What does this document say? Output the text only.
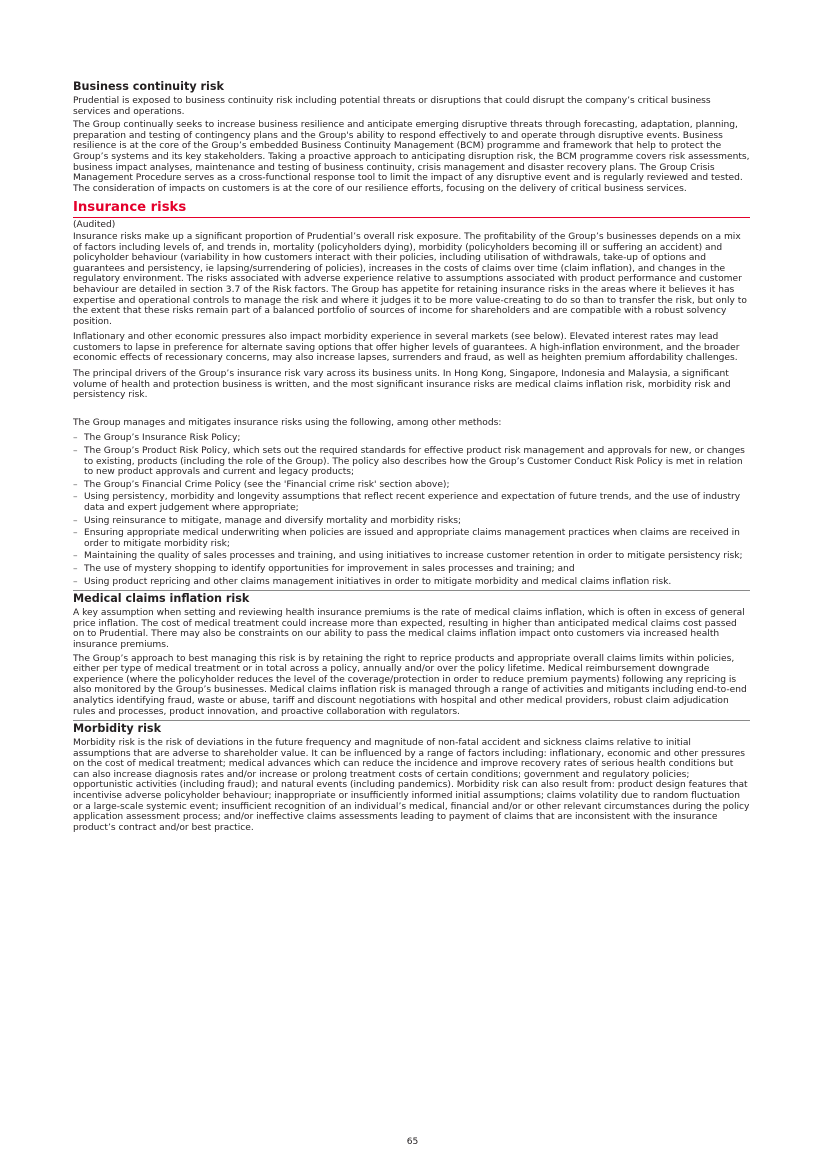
Business continuity risk

Prudential is exposed to business continuity risk including potential threats or disruptions that could disrupt the company’s critical business services and operations.

The Group continually seeks to increase business resilience and anticipate emerging disruptive threats through forecasting, adaptation, planning, preparation and testing of contingency plans and the Group's ability to respond effectively to and operate through disruptive events. Business resilience is at the core of the Group’s embedded Business Continuity Management (BCM) programme and framework that help to protect the Group’s systems and its key stakeholders. Taking a proactive approach to anticipating disruption risk, the BCM programme covers risk assessments, business impact analyses, maintenance and testing of business continuity, crisis management and disaster recovery plans. The Group Crisis Management Procedure serves as a cross-functional response tool to limit the impact of any disruptive event and is regularly reviewed and tested. The consideration of impacts on customers is at the core of our resilience efforts, focusing on the delivery of critical business services.

Insurance risks

(Audited)

Insurance risks make up a significant proportion of Prudential’s overall risk exposure. The profitability of the Group’s businesses depends on a mix of factors including levels of, and trends in, mortality (policyholders dying), morbidity (policyholders becoming ill or suffering an accident) and policyholder behaviour (variability in how customers interact with their policies, including utilisation of withdrawals, take-up of options and guarantees and persistency, ie lapsing/surrendering of policies), increases in the costs of claims over time (claim inflation), and changes in the regulatory environment. The risks associated with adverse experience relative to assumptions associated with product performance and customer behaviour are detailed in section 3.7 of the Risk factors. The Group has appetite for retaining insurance risks in the areas where it believes it has expertise and operational controls to manage the risk and where it judges it to be more value-creating to do so than to transfer the risk, but only to the extent that these risks remain part of a balanced portfolio of sources of income for shareholders and are compatible with a robust solvency position.

Inflationary and other economic pressures also impact morbidity experience in several markets (see below). Elevated interest rates may lead customers to lapse in preference for alternate saving options that offer higher levels of guarantees. A high-inflation environment, and the broader economic effects of recessionary concerns, may also increase lapses, surrenders and fraud, as well as heighten premium affordability challenges.

The principal drivers of the Group’s insurance risk vary across its business units. In Hong Kong, Singapore, Indonesia and Malaysia, a significant volume of health and protection business is written, and the most significant insurance risks are medical claims inflation risk, morbidity risk and persistency risk.

The Group manages and mitigates insurance risks using the following, among other methods:

– The Group’s Insurance Risk Policy;
– The Group’s Product Risk Policy, which sets out the required standards for effective product risk management and approvals for new, or changes to existing, products (including the role of the Group). The policy also describes how the Group’s Customer Conduct Risk Policy is met in relation to new product approvals and current and legacy products;
– The Group’s Financial Crime Policy (see the 'Financial crime risk' section above);
– Using persistency, morbidity and longevity assumptions that reflect recent experience and expectation of future trends, and the use of industry data and expert judgement where appropriate;
– Using reinsurance to mitigate, manage and diversify mortality and morbidity risks;
– Ensuring appropriate medical underwriting when policies are issued and appropriate claims management practices when claims are received in order to mitigate morbidity risk;
– Maintaining the quality of sales processes and training, and using initiatives to increase customer retention in order to mitigate persistency risk;
– The use of mystery shopping to identify opportunities for improvement in sales processes and training; and
– Using product repricing and other claims management initiatives in order to mitigate morbidity and medical claims inflation risk.
Medical claims inflation risk

A key assumption when setting and reviewing health insurance premiums is the rate of medical claims inflation, which is often in excess of general price inflation. The cost of medical treatment could increase more than expected, resulting in higher than anticipated medical claims cost passed on to Prudential. There may also be constraints on our ability to pass the medical claims inflation impact onto customers via increased health insurance premiums.

The Group’s approach to best managing this risk is by retaining the right to reprice products and appropriate overall claims limits within policies, either per type of medical treatment or in total across a policy, annually and/or over the policy lifetime. Medical reimbursement downgrade experience (where the policyholder reduces the level of the coverage/protection in order to reduce premium payments) following any repricing is also monitored by the Group’s businesses. Medical claims inflation risk is managed through a range of activities and mitigants including end-to-end analytics identifying fraud, waste or abuse, tariff and discount negotiations with hospital and other medical providers, robust claim adjudication rules and processes, product innovation, and proactive collaboration with regulators.

Morbidity risk

Morbidity risk is the risk of deviations in the future frequency and magnitude of non-fatal accident and sickness claims relative to initial assumptions that are adverse to shareholder value. It can be influenced by a range of factors including: inflationary, economic and other pressures on the cost of medical treatment; medical advances which can reduce the incidence and improve recovery rates of serious health conditions but can also increase diagnosis rates and/or increase or prolong treatment costs of certain conditions; government and regulatory policies; opportunistic activities (including fraud); and natural events (including pandemics). Morbidity risk can also result from: product design features that incentivise adverse policyholder behaviour; inappropriate or insufficiently informed initial assumptions; claims volatility due to random fluctuation or a large-scale systemic event; insufficient recognition of an individual’s medical, financial and/or or other relevant circumstances during the policy application assessment process; and/or ineffective claims assessments leading to payment of claims that are inconsistent with the insurance product’s contract and/or best practice.

65
